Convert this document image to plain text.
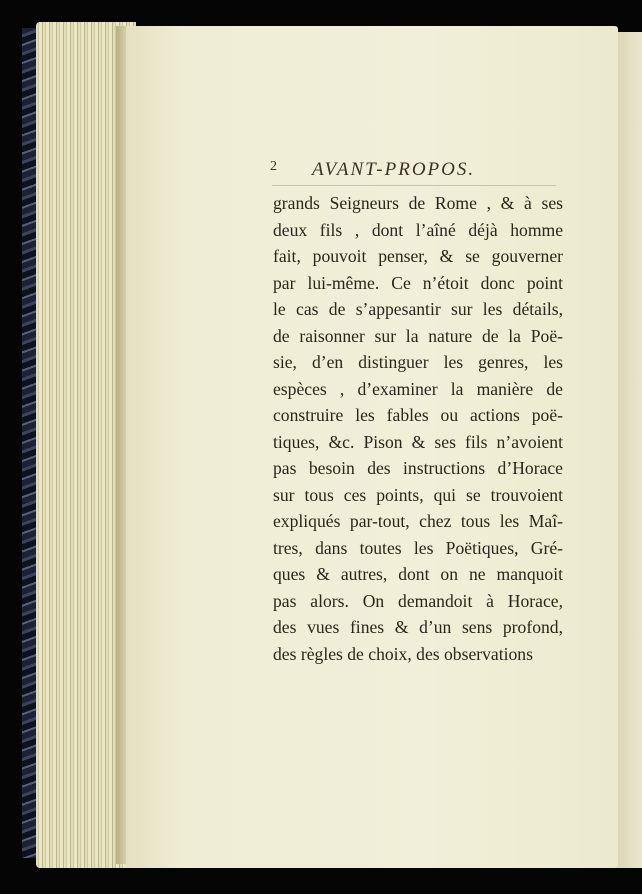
2 AVANT-PROPOS.
grands Seigneurs de Rome , & à ses
deux fils , dont l’aîné déjà homme
fait, pouvoit penser, & se gouverner
par lui-même. Ce n’étoit donc point
le cas de s’appesantir sur les détails,
de raisonner sur la nature de la Poë-
sie, d’en distinguer les genres, les
espèces , d’examiner la manière de
construire les fables ou actions poë-
tiques, &c. Pison & ses fils n’avoient
pas besoin des instructions d’Horace
sur tous ces points, qui se trouvoient
expliqués par-tout, chez tous les Maî-
tres, dans toutes les Poëtiques, Gré-
ques & autres, dont on ne manquoit
pas alors. On demandoit à Horace,
des vues fines & d’un sens profond,
des règles de choix, des observations
